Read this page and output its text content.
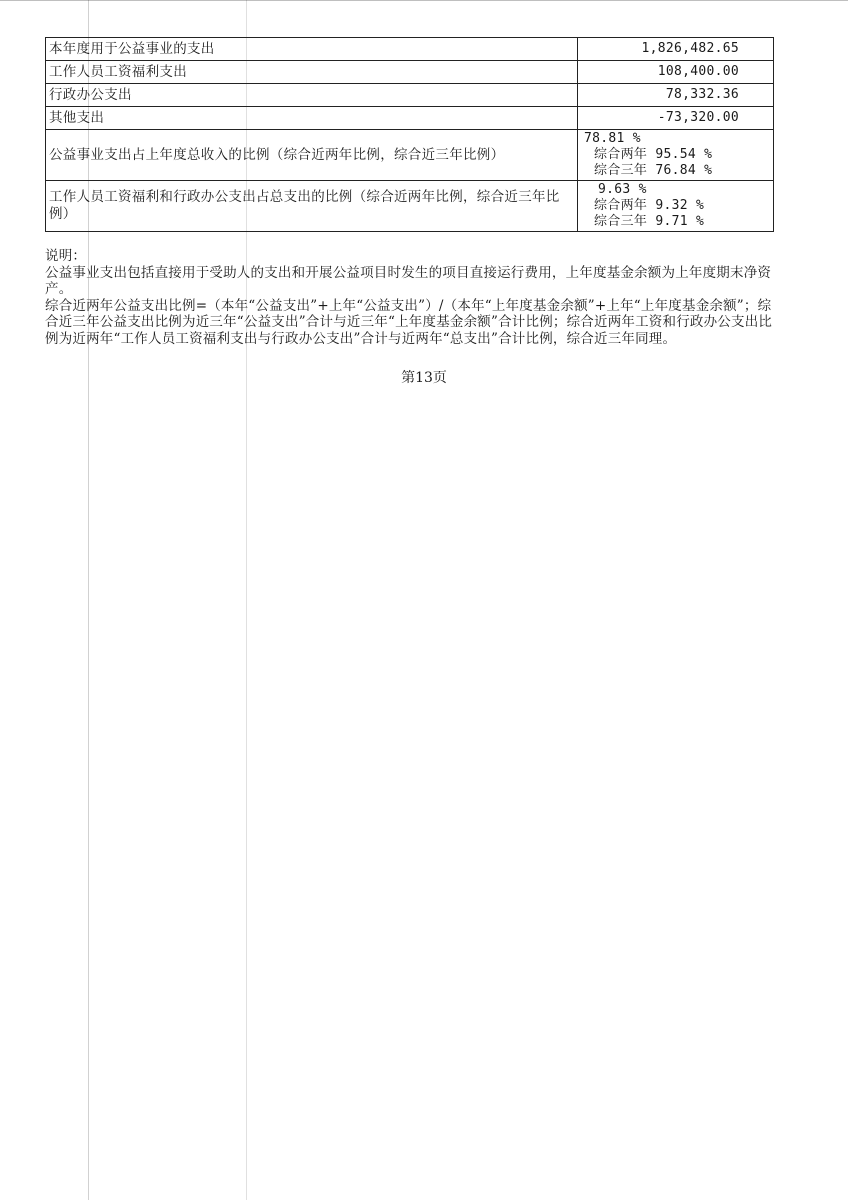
本年度用于公益事业的支出	1,826,482.65
工作人员工资福利支出	108,400.00
行政办公支出	78,332.36
其他支出	-73,320.00
公益事业支出占上年度总收入的比例（综合近两年比例，综合近三年比例）	78.81 %
综合两年 95.54 %
综合三年 76.84 %

工作人员工资福利和行政办公支出占总支出的比例（综合近两年比例，综合近三年比例）	9.63 %
综合两年 9.32 %
综合三年 9.71 %

说明：

公益事业支出包括直接用于受助人的支出和开展公益项目时发生的项目直接运行费用，上年度基金余额为上年度期末净资产。

综合近两年公益支出比例=（本年“公益支出”+上年“公益支出”）/（本年“上年度基金余额”+上年“上年度基金余额”；综合近三年公益支出比例为近三年“公益支出”合计与近三年“上年度基金余额”合计比例；综合近两年工资和行政办公支出比例为近两年“工作人员工资福利支出与行政办公支出”合计与近两年“总支出”合计比例，综合近三年同理。

第13页
